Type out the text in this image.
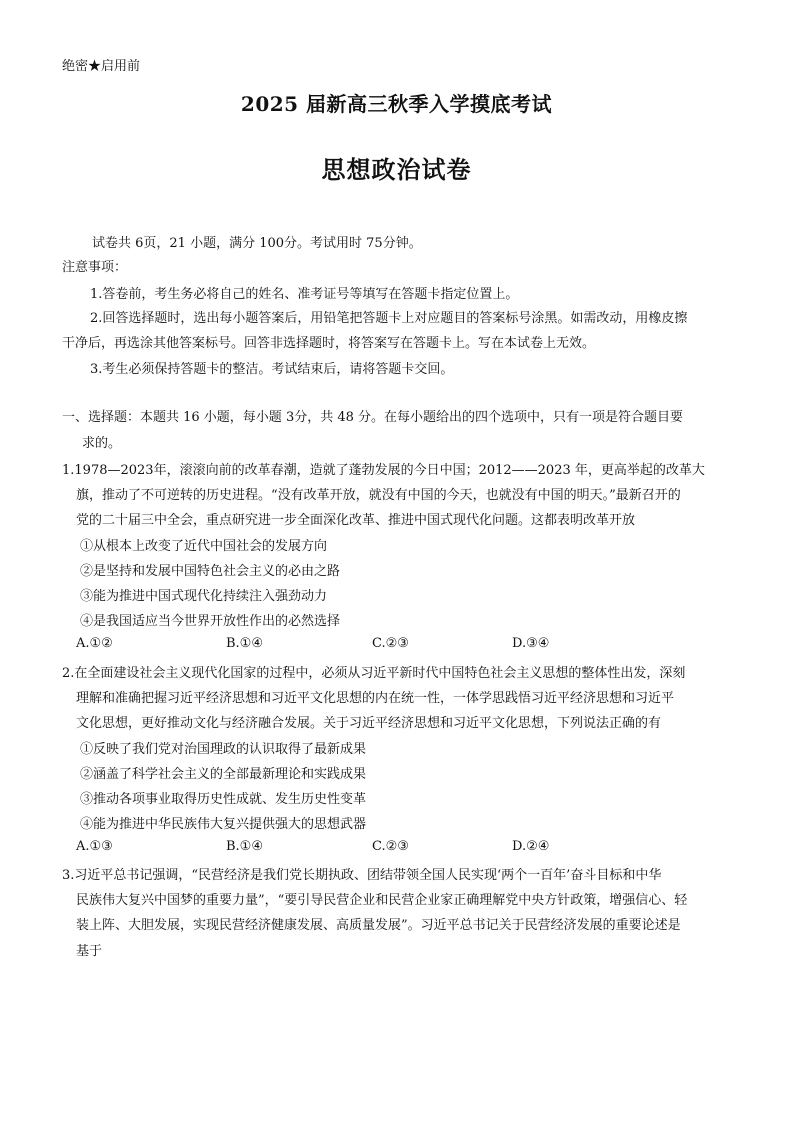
绝密★启用前
2025 届新高三秋季入学摸底考试
思想政治试卷
试卷共 6页，21 小题，满分 100分。考试用时 75分钟。
注意事项：
1.答卷前，考生务必将自己的姓名、准考证号等填写在答题卡指定位置上。
2.回答选择题时，选出每小题答案后，用铅笔把答题卡上对应题目的答案标号涂黑。如需改动，用橡皮擦
干净后，再选涂其他答案标号。回答非选择题时，将答案写在答题卡上。写在本试卷上无效。
3.考生必须保持答题卡的整洁。考试结束后，请将答题卡交回。
一、选择题：本题共 16 小题，每小题 3分，共 48 分。在每小题给出的四个选项中，只有一项是符合题目要
求的。
1.1978—2023年，滚滚向前的改革春潮，造就了蓬勃发展的今日中国；2012——2023 年，更高举起的改革大
旗，推动了不可逆转的历史进程。“没有改革开放，就没有中国的今天，也就没有中国的明天。”最新召开的
党的二十届三中全会，重点研究进一步全面深化改革、推进中国式现代化问题。这都表明改革开放
①从根本上改变了近代中国社会的发展方向
②是坚持和发展中国特色社会主义的必由之路
③能为推进中国式现代化持续注入强劲动力
④是我国适应当今世界开放性作出的必然选择
A.①②	B.①④	C.②③	D.③④
2.在全面建设社会主义现代化国家的过程中，必须从习近平新时代中国特色社会主义思想的整体性出发，深刻
理解和准确把握习近平经济思想和习近平文化思想的内在统一性，一体学思践悟习近平经济思想和习近平
文化思想，更好推动文化与经济融合发展。关于习近平经济思想和习近平文化思想，下列说法正确的有
①反映了我们党对治国理政的认识取得了最新成果
②涵盖了科学社会主义的全部最新理论和实践成果
③推动各项事业取得历史性成就、发生历史性变革
④能为推进中华民族伟大复兴提供强大的思想武器
A.①③	B.①④	C.②③	D.②④
3.习近平总书记强调，“民营经济是我们党长期执政、团结带领全国人民实现‘两个一百年’奋斗目标和中华
民族伟大复兴中国梦的重要力量”，“要引导民营企业和民营企业家正确理解党中央方针政策，增强信心、轻
装上阵、大胆发展，实现民营经济健康发展、高质量发展”。习近平总书记关于民营经济发展的重要论述是
基于
